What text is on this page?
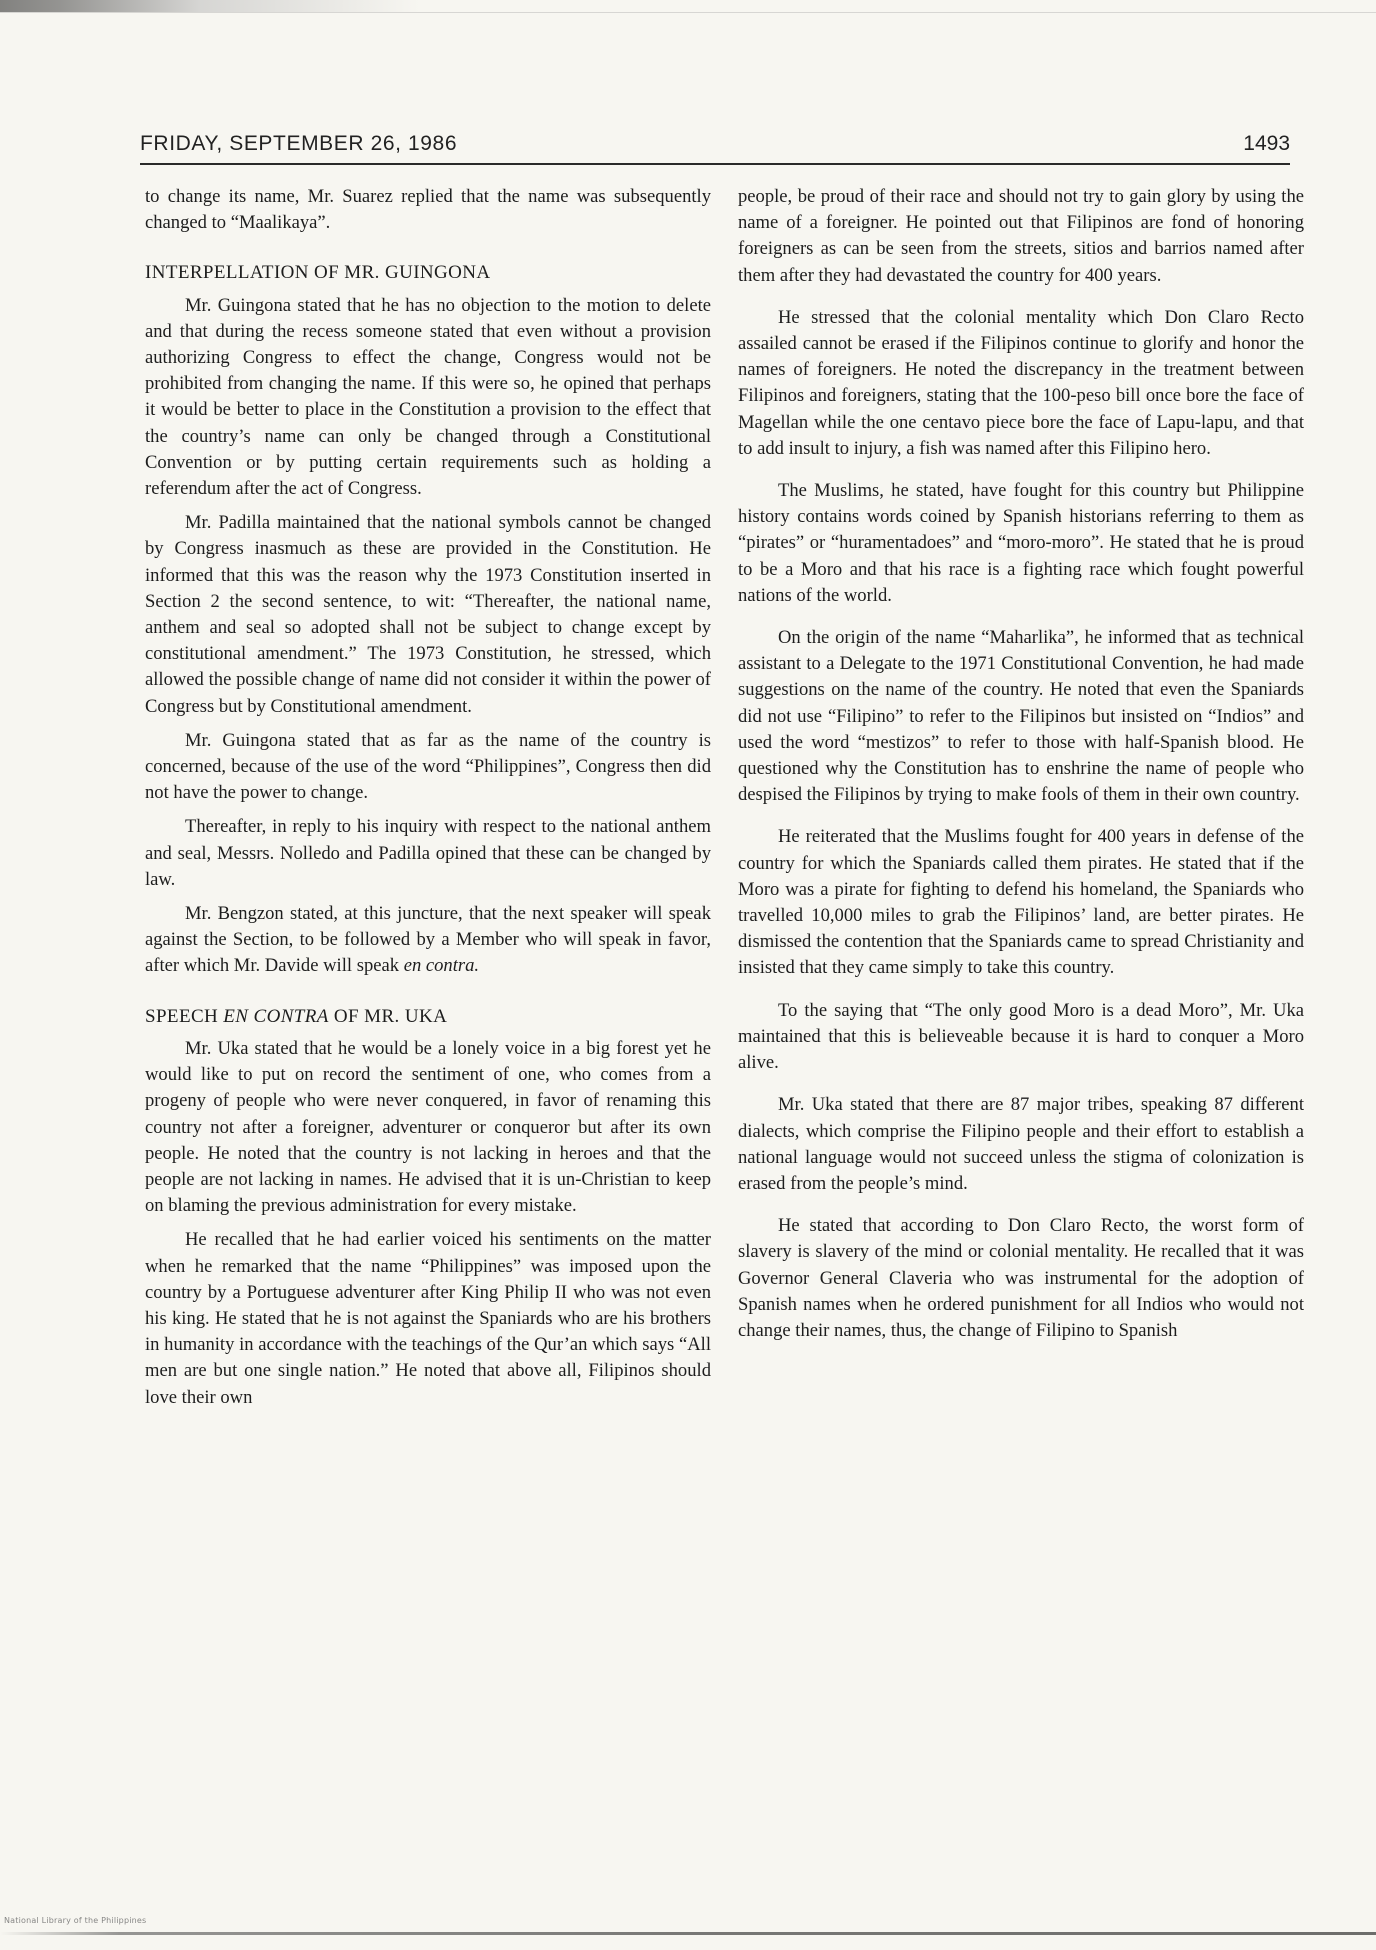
FRIDAY, SEPTEMBER 26, 1986	1493

to change its name, Mr. Suarez replied that the name was subsequently changed to “Maalikaya”.

INTERPELLATION OF MR. GUINGONA

Mr. Guingona stated that he has no objection to the motion to delete and that during the recess someone stated that even without a provision authorizing Congress to effect the change, Congress would not be prohibited from changing the name. If this were so, he opined that perhaps it would be better to place in the Constitution a provision to the effect that the country’s name can only be changed through a Constitutional Convention or by putting certain requirements such as holding a referendum after the act of Congress.

Mr. Padilla maintained that the national symbols cannot be changed by Congress inasmuch as these are provided in the Constitution. He informed that this was the reason why the 1973 Constitution inserted in Section 2 the second sentence, to wit: “Thereafter, the national name, anthem and seal so adopted shall not be subject to change except by constitutional amendment.” The 1973 Constitution, he stressed, which allowed the possible change of name did not consider it within the power of Congress but by Constitutional amendment.

Mr. Guingona stated that as far as the name of the country is concerned, because of the use of the word “Philippines”, Congress then did not have the power to change.

Thereafter, in reply to his inquiry with respect to the national anthem and seal, Messrs. Nolledo and Padilla opined that these can be changed by law.

Mr. Bengzon stated, at this juncture, that the next speaker will speak against the Section, to be followed by a Member who will speak in favor, after which Mr. Davide will speak en contra.

SPEECH EN CONTRA OF MR. UKA

Mr. Uka stated that he would be a lonely voice in a big forest yet he would like to put on record the sentiment of one, who comes from a progeny of people who were never conquered, in favor of renaming this country not after a foreigner, adventurer or conqueror but after its own people. He noted that the country is not lacking in heroes and that the people are not lacking in names. He advised that it is un-Christian to keep on blaming the previous administration for every mistake.

He recalled that he had earlier voiced his sentiments on the matter when he remarked that the name “Philippines” was imposed upon the country by a Portuguese adventurer after King Philip II who was not even his king. He stated that he is not against the Spaniards who are his brothers in humanity in accordance with the teachings of the Qur’an which says “All men are but one single nation.” He noted that above all, Filipinos should love their own

people, be proud of their race and should not try to gain glory by using the name of a foreigner. He pointed out that Filipinos are fond of honoring foreigners as can be seen from the streets, sitios and barrios named after them after they had devastated the country for 400 years.

He stressed that the colonial mentality which Don Claro Recto assailed cannot be erased if the Filipinos continue to glorify and honor the names of foreigners. He noted the discrepancy in the treatment between Filipinos and foreigners, stating that the 100-peso bill once bore the face of Magellan while the one centavo piece bore the face of Lapu-lapu, and that to add insult to injury, a fish was named after this Filipino hero.

The Muslims, he stated, have fought for this country but Philippine history contains words coined by Spanish historians referring to them as “pirates” or “huramentadoes” and “moro-moro”. He stated that he is proud to be a Moro and that his race is a fighting race which fought powerful nations of the world.

On the origin of the name “Maharlika”, he informed that as technical assistant to a Delegate to the 1971 Constitutional Convention, he had made suggestions on the name of the country. He noted that even the Spaniards did not use “Filipino” to refer to the Filipinos but insisted on “Indios” and used the word “mestizos” to refer to those with half-Spanish blood. He questioned why the Constitution has to enshrine the name of people who despised the Filipinos by trying to make fools of them in their own country.

He reiterated that the Muslims fought for 400 years in defense of the country for which the Spaniards called them pirates. He stated that if the Moro was a pirate for fighting to defend his homeland, the Spaniards who travelled 10,000 miles to grab the Filipinos’ land, are better pirates. He dismissed the contention that the Spaniards came to spread Christianity and insisted that they came simply to take this country.

To the saying that “The only good Moro is a dead Moro”, Mr. Uka maintained that this is believeable because it is hard to conquer a Moro alive.

Mr. Uka stated that there are 87 major tribes, speaking 87 different dialects, which comprise the Filipino people and their effort to establish a national language would not succeed unless the stigma of colonization is erased from the people’s mind.

He stated that according to Don Claro Recto, the worst form of slavery is slavery of the mind or colonial mentality. He recalled that it was Governor General Claveria who was instrumental for the adoption of Spanish names when he ordered punishment for all Indios who would not change their names, thus, the change of Filipino to Spanish

National Library of the Philippines
